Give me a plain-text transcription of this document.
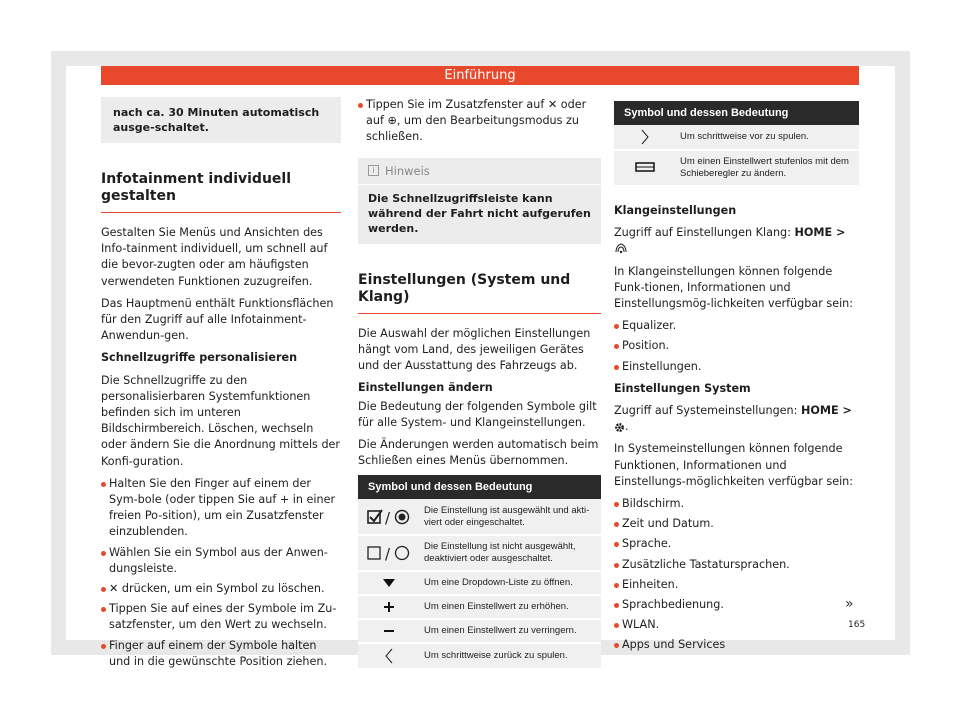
Einführung
nach ca. 30 Minuten automatisch ausge-schaltet.
Infotainment individuell gestalten

Gestalten Sie Menüs und Ansichten des Info-tainment individuell, um schnell auf die bevor-zugten oder am häufigsten verwendeten Funktionen zuzugreifen.

Das Hauptmenü enthält Funktionsflächen für den Zugriff auf alle Infotainment-Anwendun-gen.

Schnellzugriffe personalisieren

Die Schnellzugriffe zu den personalisierbaren Systemfunktionen befinden sich im unteren Bildschirmbereich. Löschen, wechseln oder ändern Sie die Anordnung mittels der Konfi-guration.

Halten Sie den Finger auf einem der Sym-bole (oder tippen Sie auf + in einer freien Po-sition), um ein Zusatzfenster einzublenden.
Wählen Sie ein Symbol aus der Anwen-dungsleiste.
✕ drücken, um ein Symbol zu löschen.
Tippen Sie auf eines der Symbole im Zu-satzfenster, um den Wert zu wechseln.
Finger auf einem der Symbole halten und in die gewünschte Position ziehen.
Tippen Sie im Zusatzfenster auf ✕ oder auf ⊕, um den Bearbeitungsmodus zu schließen.
i Hinweis
Die Schnellzugriffsleiste kann während der Fahrt nicht aufgerufen werden.
Einstellungen (System und Klang)

Die Auswahl der möglichen Einstellungen hängt vom Land, des jeweiligen Gerätes und der Ausstattung des Fahrzeugs ab.

Einstellungen ändern

Die Bedeutung der folgenden Symbole gilt für alle System- und Klangeinstellungen.

Die Änderungen werden automatisch beim Schließen eines Menüs übernommen.

Symbol und dessen Bedeutung	

/	Die Einstellung ist ausgewählt und akti-viert oder eingeschaltet.

/	Die Einstellung ist nicht ausgewählt, deaktiviert oder ausgeschaltet.
	Um eine Dropdown-Liste zu öffnen.
	Um einen Einstellwert zu erhöhen.
	Um einen Einstellwert zu verringern.
	Um schrittweise zurück zu spulen.
Symbol und dessen Bedeutung	
	Um schrittweise vor zu spulen.
	Um einen Einstellwert stufenlos mit dem Schieberegler zu ändern.

Klangeinstellungen

Zugriff auf Einstellungen Klang: HOME >

In Klangeinstellungen können folgende Funk-tionen, Informationen und Einstellungsmög-lichkeiten verfügbar sein:

Equalizer.
Position.
Einstellungen.

Einstellungen System

Zugriff auf Systemeinstellungen: HOME > .

In Systemeinstellungen können folgende Funktionen, Informationen und Einstellungs-möglichkeiten verfügbar sein:

Bildschirm.
Zeit und Datum.
Sprache.
Zusätzliche Tastatursprachen.
Einheiten.
Sprachbedienung.
WLAN.
Apps und Services
»
165
